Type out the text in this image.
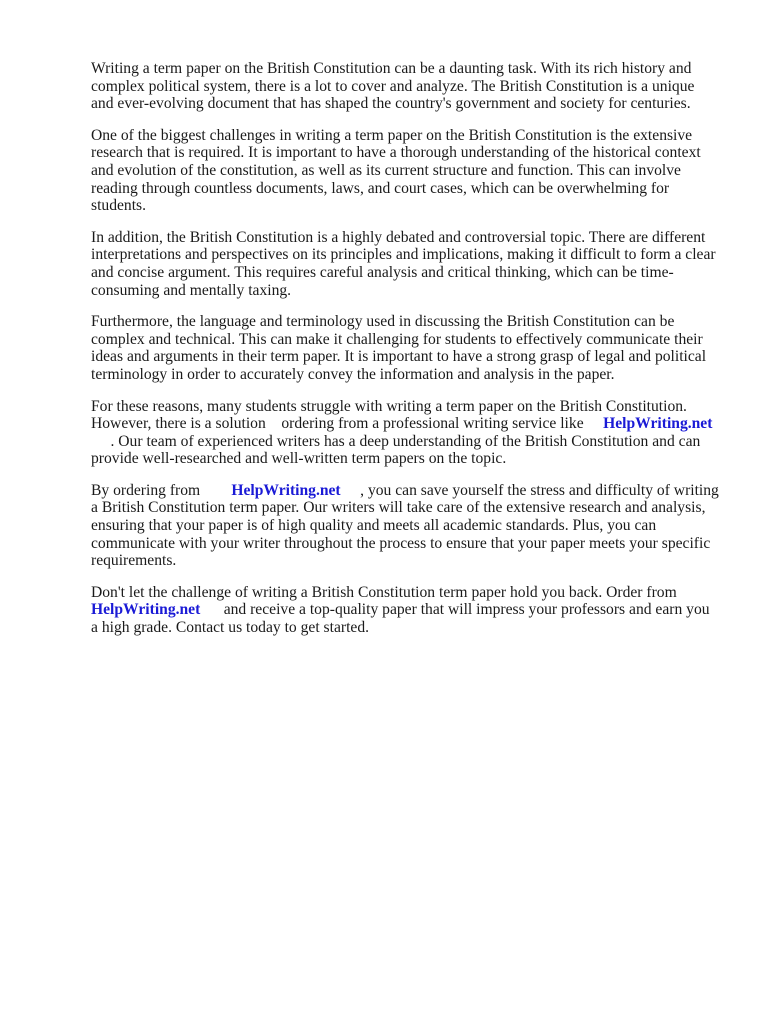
Writing a term paper on the British Constitution can be a daunting task. With its rich history and complex political system, there is a lot to cover and analyze. The British Constitution is a unique and ever-evolving document that has shaped the country's government and society for centuries.

One of the biggest challenges in writing a term paper on the British Constitution is the extensive research that is required. It is important to have a thorough understanding of the historical context and evolution of the constitution, as well as its current structure and function. This can involve reading through countless documents, laws, and court cases, which can be overwhelming for students.

In addition, the British Constitution is a highly debated and controversial topic. There are different interpretations and perspectives on its principles and implications, making it difficult to form a clear and concise argument. This requires careful analysis and critical thinking, which can be time-consuming and mentally taxing.

Furthermore, the language and terminology used in discussing the British Constitution can be complex and technical. This can make it challenging for students to effectively communicate their ideas and arguments in their term paper. It is important to have a strong grasp of legal and political terminology in order to accurately convey the information and analysis in the paper.

For these reasons, many students struggle with writing a term paper on the British Constitution. However, there is a solution ordering from a professional writing service like HelpWriting.net     . Our team of experienced writers has a deep understanding of the British Constitution and can provide well-researched and well-written term papers on the topic.

By ordering from HelpWriting.net , you can save yourself the stress and difficulty of writing a British Constitution term paper. Our writers will take care of the extensive research and analysis, ensuring that your paper is of high quality and meets all academic standards. Plus, you can communicate with your writer throughout the process to ensure that your paper meets your specific requirements.

Don't let the challenge of writing a British Constitution term paper hold you back. Order from HelpWriting.net and receive a top-quality paper that will impress your professors and earn you a high grade. Contact us today to get started.
